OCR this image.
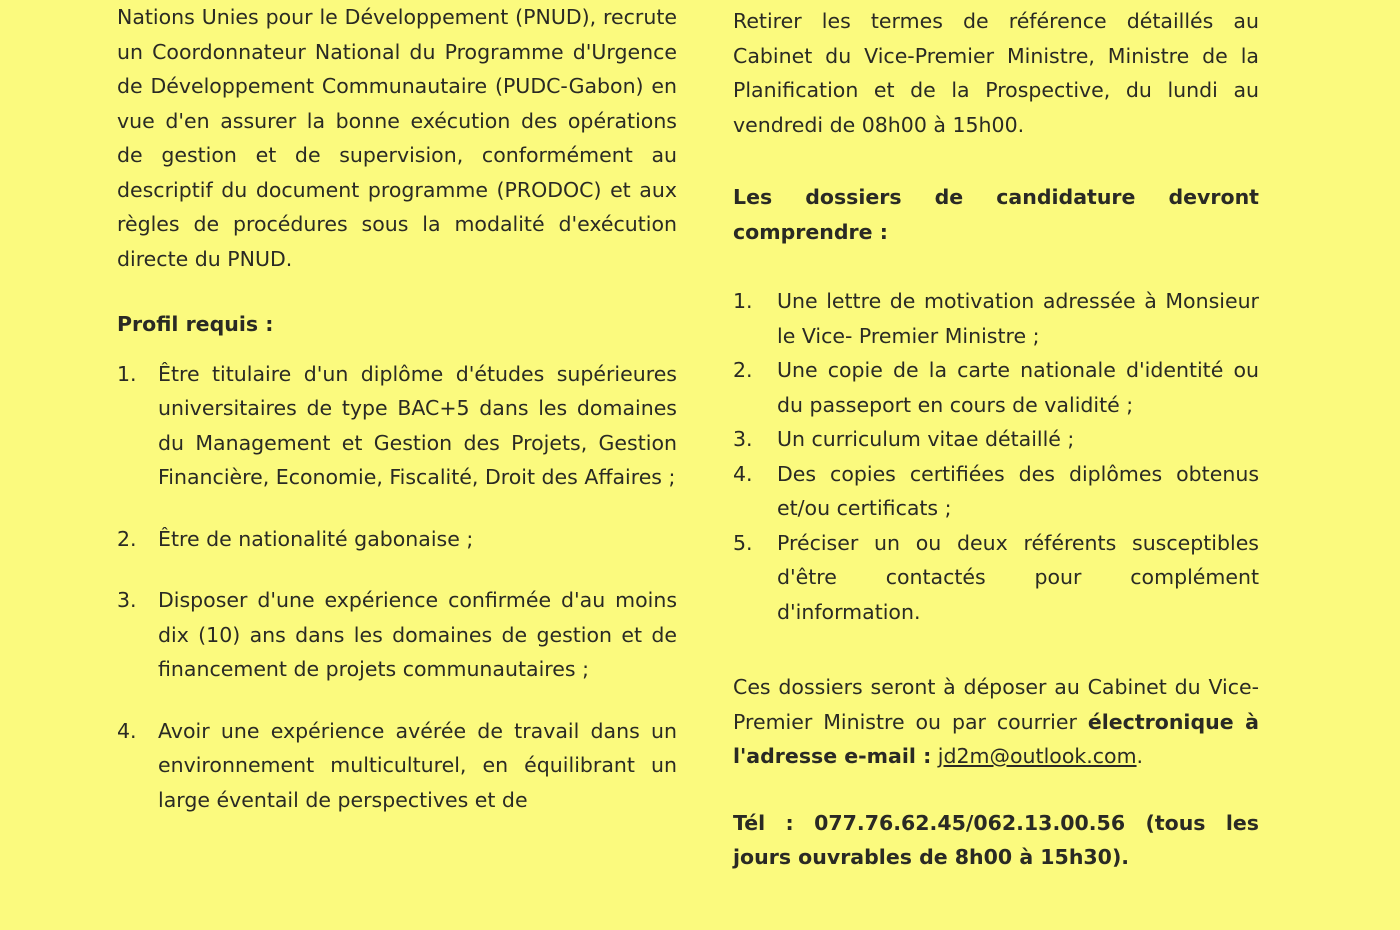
Nations Unies pour le Développement (PNUD), recrute un Coordonnateur National du Programme d'Urgence de Développement Communautaire (PUDC-Gabon) en vue d'en assurer la bonne exécution des opérations de gestion et de supervision, conformément au descriptif du document programme (PRODOC) et aux règles de procédures sous la modalité d'exécution directe du PNUD.

Profil requis :

1.	Être titulaire d'un diplôme d'études supérieures universitaires de type BAC+5 dans les domaines du Management et Gestion des Projets, Gestion Financière, Economie, Fiscalité, Droit des Affaires ;
2.	Être de nationalité gabonaise ;
3.	Disposer d'une expérience confirmée d'au moins dix (10) ans dans les domaines de gestion et de financement de projets communautaires ;
4.	Avoir une expérience avérée de travail dans un environnement multiculturel, en équilibrant un large éventail de perspectives et de

Retirer les termes de référence détaillés au Cabinet du Vice-Premier Ministre, Ministre de la Planification et de la Prospective, du lundi au vendredi de 08h00 à 15h00.

Les dossiers de candidature devront comprendre :

1.	Une lettre de motivation adressée à Monsieur le Vice- Premier Ministre ;
2.	Une copie de la carte nationale d'identité ou du passeport en cours de validité ;
3.	Un curriculum vitae détaillé ;
4.	Des copies certifiées des diplômes obtenus et/ou certificats ;
5.	Préciser un ou deux référents susceptibles d'être contactés pour complément d'information.

Ces dossiers seront à déposer au Cabinet du Vice-Premier Ministre ou par courrier électronique à l'adresse e-mail : jd2m@outlook.com.

Tél : 077.76.62.45/062.13.00.56 (tous les jours ouvrables de 8h00 à 15h30).
